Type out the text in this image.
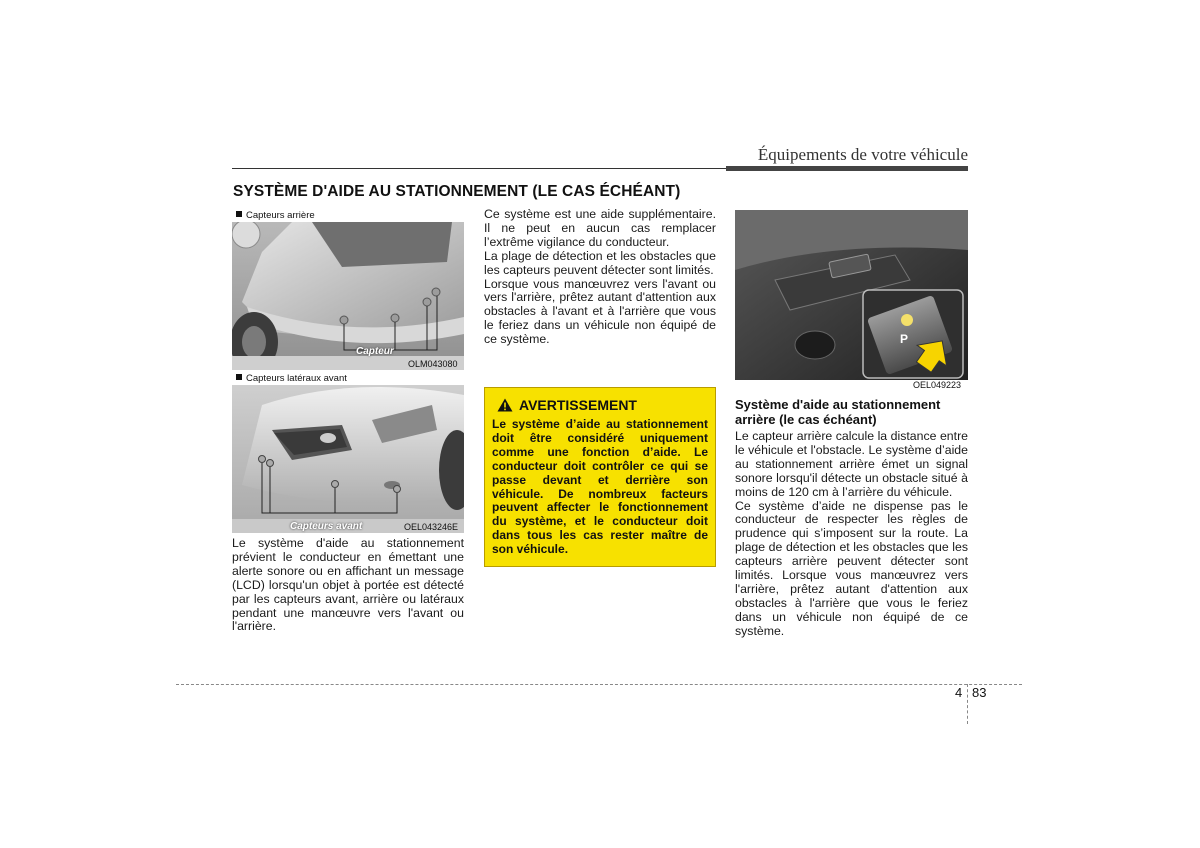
Équipements de votre véhicule
SYSTÈME D'AIDE AU STATIONNEMENT (LE CAS ÉCHÉANT)
Capteurs arrière
Capteur
OLM043080
Capteurs latéraux avant
Capteurs avant	OEL043246E

Le système d'aide au stationnement prévient le conducteur en émettant une alerte sonore ou en affichant un message (LCD) lorsqu'un objet à portée est détecté par les capteurs avant, arrière ou latéraux pendant une manœuvre vers l'avant ou l'arrière.

Ce système est une aide supplémentaire. Il ne peut en aucun cas remplacer l’extrême vigilance du conducteur.

La plage de détection et les obstacles que les capteurs peuvent détecter sont limités.

Lorsque vous manœuvrez vers l'avant ou vers l'arrière, prêtez autant d'attention aux obstacles à l'avant et à l'arrière que vous le feriez dans un véhicule non équipé de ce système.

AVERTISSEMENT
Le système d’aide au stationnement doit être considéré uniquement comme une fonction d’aide. Le conducteur doit contrôler ce qui se passe devant et derrière son véhicule. De nombreux facteurs peuvent affecter le fonctionnement du système, et le conducteur doit dans tous les cas rester maître de son véhicule.
P
OEL049223
Système d'aide au stationnement arrière (le cas échéant)

Le capteur arrière calcule la distance entre le véhicule et l'obstacle. Le système d’aide au stationnement arrière émet un signal sonore lorsqu'il détecte un obstacle situé à moins de 120 cm à l’arrière du véhicule.

Ce système d’aide ne dispense pas le conducteur de respecter les règles de prudence qui s’imposent sur la route. La plage de détection et les obstacles que les capteurs arrière peuvent détecter sont limités. Lorsque vous manœuvrez vers l'arrière, prêtez autant d'attention aux obstacles à l'arrière que vous le feriez dans un véhicule non équipé de ce système.

4 83
